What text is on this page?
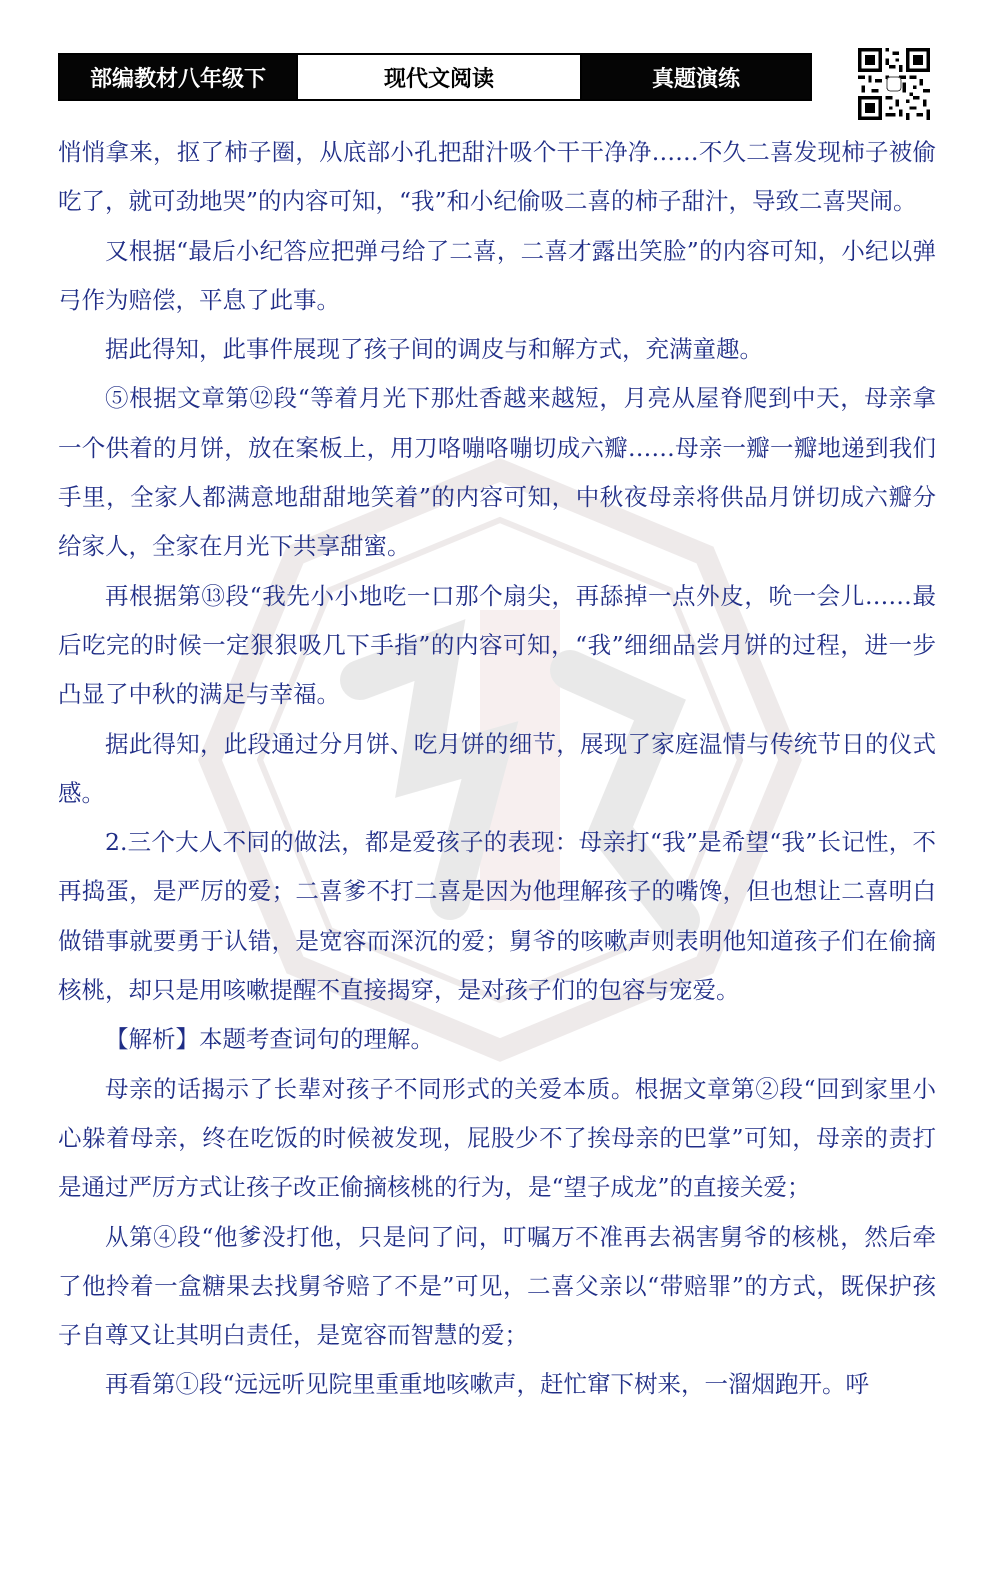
部编教材八年级下	现代文阅读	真题演练

悄悄拿来，抠了柿子圈，从底部小孔把甜汁吸个干干净净……不久二喜发现柿子被偷吃了，就可劲地哭”的内容可知，“我”和小纪偷吸二喜的柿子甜汁，导致二喜哭闹。

又根据“最后小纪答应把弹弓给了二喜，二喜才露出笑脸”的内容可知，小纪以弹弓作为赔偿，平息了此事。

据此得知，此事件展现了孩子间的调皮与和解方式，充满童趣。

⑤根据文章第⑫段“等着月光下那灶香越来越短，月亮从屋脊爬到中天，母亲拿一个供着的月饼，放在案板上，用刀咯嘣咯嘣切成六瓣……母亲一瓣一瓣地递到我们手里，全家人都满意地甜甜地笑着”的内容可知，中秋夜母亲将供品月饼切成六瓣分给家人，全家在月光下共享甜蜜。

再根据第⑬段“我先小小地吃一口那个扇尖，再舔掉一点外皮，吮一会儿……最后吃完的时候一定狠狠吸几下手指”的内容可知，“我”细细品尝月饼的过程，进一步凸显了中秋的满足与幸福。

据此得知，此段通过分月饼、吃月饼的细节，展现了家庭温情与传统节日的仪式感。

2.三个大人不同的做法，都是爱孩子的表现：母亲打“我”是希望“我”长记性，不再捣蛋，是严厉的爱；二喜爹不打二喜是因为他理解孩子的嘴馋，但也想让二喜明白做错事就要勇于认错，是宽容而深沉的爱；舅爷的咳嗽声则表明他知道孩子们在偷摘核桃，却只是用咳嗽提醒不直接揭穿，是对孩子们的包容与宠爱。

【解析】本题考查词句的理解。

母亲的话揭示了长辈对孩子不同形式的关爱本质。根据文章第②段“回到家里小心躲着母亲，终在吃饭的时候被发现，屁股少不了挨母亲的巴掌”可知，母亲的责打是通过严厉方式让孩子改正偷摘核桃的行为，是“望子成龙”的直接关爱；

从第④段“他爹没打他，只是问了问，叮嘱万不准再去祸害舅爷的核桃，然后牵了他拎着一盒糖果去找舅爷赔了不是”可见，二喜父亲以“带赔罪”的方式，既保护孩子自尊又让其明白责任，是宽容而智慧的爱；

再看第①段“远远听见院里重重地咳嗽声，赶忙窜下树来，一溜烟跑开。呼
